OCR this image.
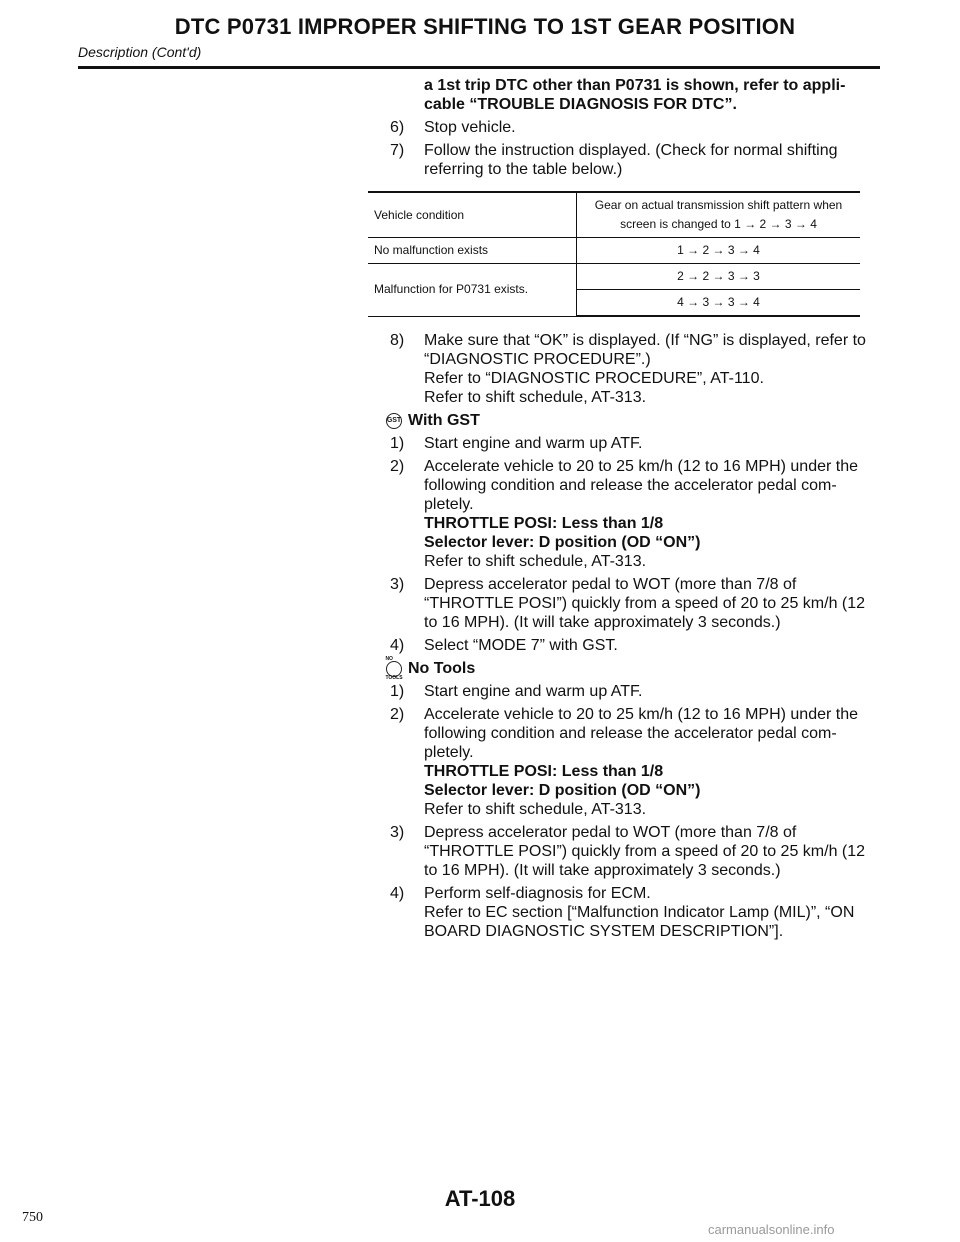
DTC P0731 IMPROPER SHIFTING TO 1ST GEAR POSITION
Description (Cont'd)
a 1st trip DTC other than P0731 is shown, refer to appli-cable “TROUBLE DIAGNOSIS FOR DTC”.
6)	Stop vehicle.
7)	Follow the instruction displayed. (Check for normal shifting referring to the table below.)
Vehicle condition	Gear on actual transmission shift pattern when screen is changed to 1 → 2 → 3 → 4
No malfunction exists	1 → 2 → 3 → 4
Malfunction for P0731 exists.	2 → 2 → 3 → 3
	4 → 3 → 3 → 4
8)	Make sure that “OK” is displayed. (If “NG” is displayed, refer to “DIAGNOSTIC PROCEDURE”.)
Refer to “DIAGNOSTIC PROCEDURE”, AT-110.
Refer to shift schedule, AT-313.
GST With GST
1)	Start engine and warm up ATF.
2)	Accelerate vehicle to 20 to 25 km/h (12 to 16 MPH) under the following condition and release the accelerator pedal com-pletely.
THROTTLE POSI: Less than 1/8
Selector lever: D position (OD “ON”)
Refer to shift schedule, AT-313.
3)	Depress accelerator pedal to WOT (more than 7/8 of “THROTTLE POSI”) quickly from a speed of 20 to 25 km/h (12 to 16 MPH). (It will take approximately 3 seconds.)
4)	Select “MODE 7” with GST.
NO TOOLS
No Tools
1)	Start engine and warm up ATF.
2)	Accelerate vehicle to 20 to 25 km/h (12 to 16 MPH) under the following condition and release the accelerator pedal com-pletely.
THROTTLE POSI: Less than 1/8
Selector lever: D position (OD “ON”)
Refer to shift schedule, AT-313.
3)	Depress accelerator pedal to WOT (more than 7/8 of “THROTTLE POSI”) quickly from a speed of 20 to 25 km/h (12 to 16 MPH). (It will take approximately 3 seconds.)
4)	Perform self-diagnosis for ECM.
Refer to EC section [“Malfunction Indicator Lamp (MIL)”, “ON BOARD DIAGNOSTIC SYSTEM DESCRIPTION”].
AT-108
750
carmanualsonline.info
